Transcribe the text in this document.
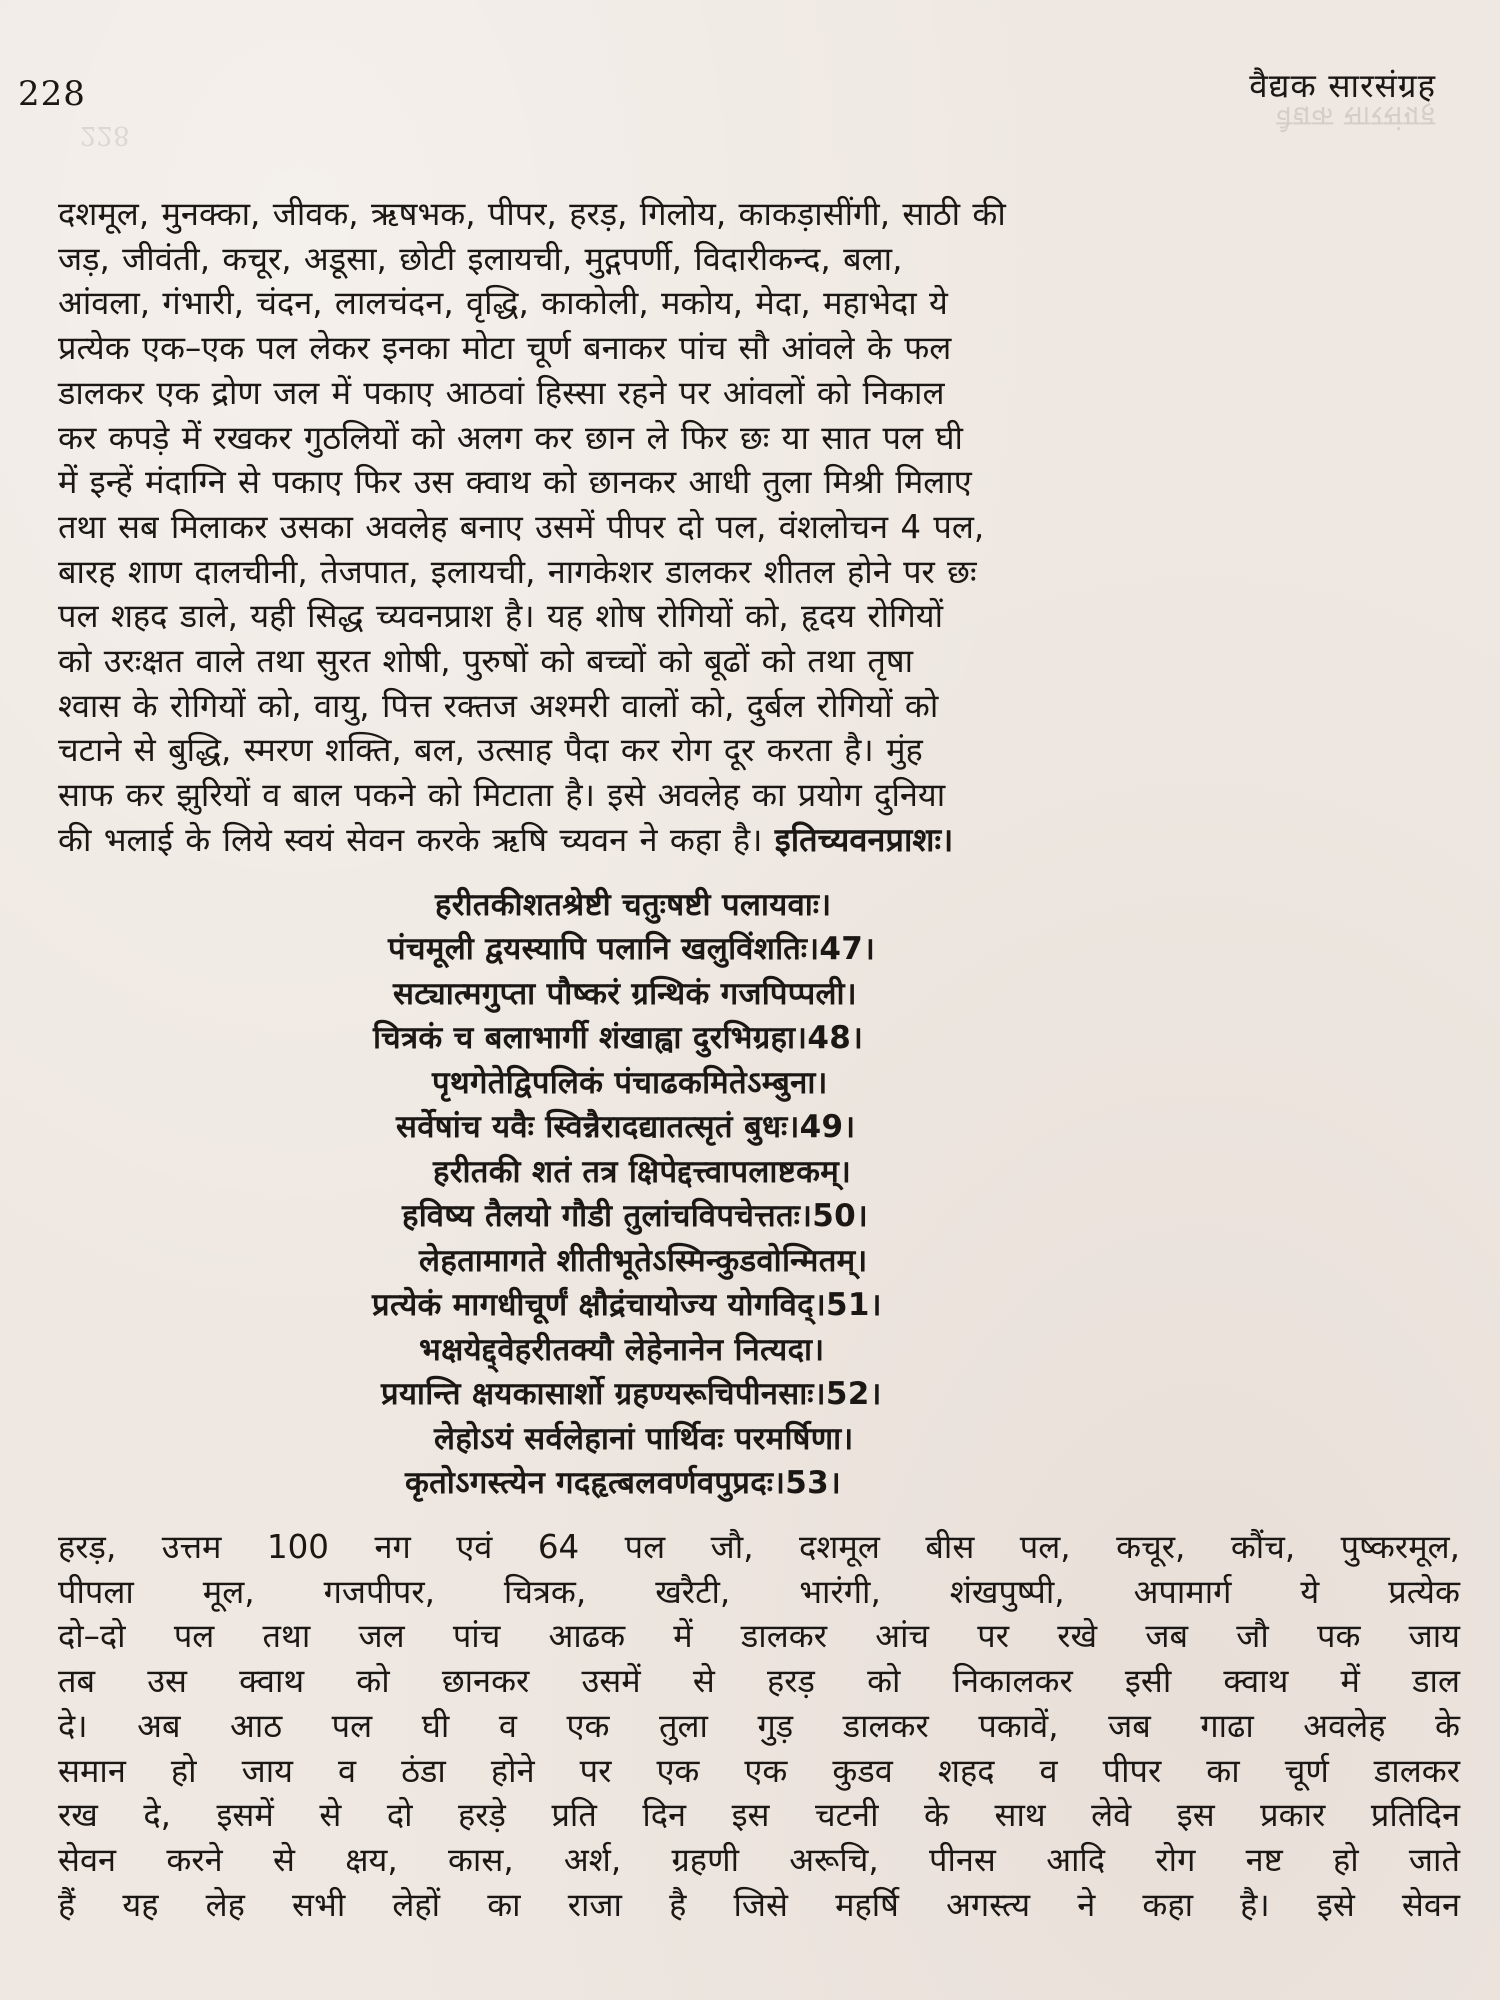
228
वैद्यक सारसंग्रह
228	वैद्यक सारसंग्रह
दशमूल, मुनक्का, जीवक, ऋषभक, पीपर, हरड़, गिलोय, काकड़ासींगी, साठी की
जड़, जीवंती, कचूर, अडूसा, छोटी इलायची, मुद्गपर्णी, विदारीकन्द, बला,
आंवला, गंभारी, चंदन, लालचंदन, वृद्धि, काकोली, मकोय, मेदा, महाभेदा ये
प्रत्येक एक–एक पल लेकर इनका मोटा चूर्ण बनाकर पांच सौ आंवले के फल
डालकर एक द्रोण जल में पकाए आठवां हिस्सा रहने पर आंवलों को निकाल
कर कपड़े में रखकर गुठलियों को अलग कर छान ले फिर छः या सात पल घी
में इन्हें मंदाग्नि से पकाए फिर उस क्वाथ को छानकर आधी तुला मिश्री मिलाए
तथा सब मिलाकर उसका अवलेह बनाए उसमें पीपर दो पल, वंशलोचन 4 पल,
बारह शाण दालचीनी, तेजपात, इलायची, नागकेशर डालकर शीतल होने पर छः
पल शहद डाले, यही सिद्ध च्यवनप्राश है। यह शोष रोगियों को, हृदय रोगियों
को उरःक्षत वाले तथा सुरत शोषी, पुरुषों को बच्चों को बूढों को तथा तृषा
श्वास के रोगियों को, वायु, पित्त रक्तज अश्मरी वालों को, दुर्बल रोगियों को
चटाने से बुद्धि, स्मरण शक्ति, बल, उत्साह पैदा कर रोग दूर करता है। मुंह
साफ कर झुरियों व बाल पकने को मिटाता है। इसे अवलेह का प्रयोग दुनिया
की भलाई के लिये स्वयं सेवन करके ऋषि च्यवन ने कहा है। इतिच्यवनप्राशः।
हरीतकीशतश्रेष्टी चतुःषष्टी पलायवाः।
पंचमूली द्वयस्यापि पलानि खलुविंशतिः।47।
सट्यात्मगुप्ता पौष्करं ग्रन्थिकं गजपिप्पली।
चित्रकं च बलाभार्गी शंखाह्वा दुरभिग्रहा।48।
पृथगेतेद्विपलिकं पंचाढकमितेऽम्बुना।
सर्वेषांच यवैः स्विन्नैरादद्यातत्सृतं बुधः।49।
हरीतकी शतं तत्र क्षिपेद्दत्त्वापलाष्टकम्।
हविष्य तैलयो गौडी तुलांचविपचेत्ततः।50।
लेहतामागते शीतीभूतेऽस्मिन्कुडवोन्मितम्।
प्रत्येकं मागधीचूर्णं क्षौद्रंचायोज्य योगविद्।51।
भक्षयेद्द्वेहरीतक्यौ लेहेनानेन नित्यदा।
प्रयान्ति क्षयकासार्शो ग्रहण्यरूचिपीनसाः।52।
लेहोऽयं सर्वलेहानां पार्थिवः परमर्षिणा।
कृतोऽगस्त्येन गदहृत्बलवर्णवपुप्रदः।53।
हरड़, उत्तम 100 नग एवं 64 पल जौ, दशमूल बीस पल, कचूर, कौंच, पुष्करमूल,
पीपला मूल, गजपीपर, चित्रक, खरैटी, भारंगी, शंखपुष्पी, अपामार्ग ये प्रत्येक
दो–दो पल तथा जल पांच आढक में डालकर आंच पर रखे जब जौ पक जाय
तब उस क्वाथ को छानकर उसमें से हरड़ को निकालकर इसी क्वाथ में डाल
दे। अब आठ पल घी व एक तुला गुड़ डालकर पकावें, जब गाढा अवलेह के
समान हो जाय व ठंडा होने पर एक एक कुडव शहद व पीपर का चूर्ण डालकर
रख दे, इसमें से दो हरड़े प्रति दिन इस चटनी के साथ लेवे इस प्रकार प्रतिदिन
सेवन करने से क्षय, कास, अर्श, ग्रहणी अरूचि, पीनस आदि रोग नष्ट हो जाते
हैं यह लेह सभी लेहों का राजा है जिसे महर्षि अगस्त्य ने कहा है। इसे सेवन
